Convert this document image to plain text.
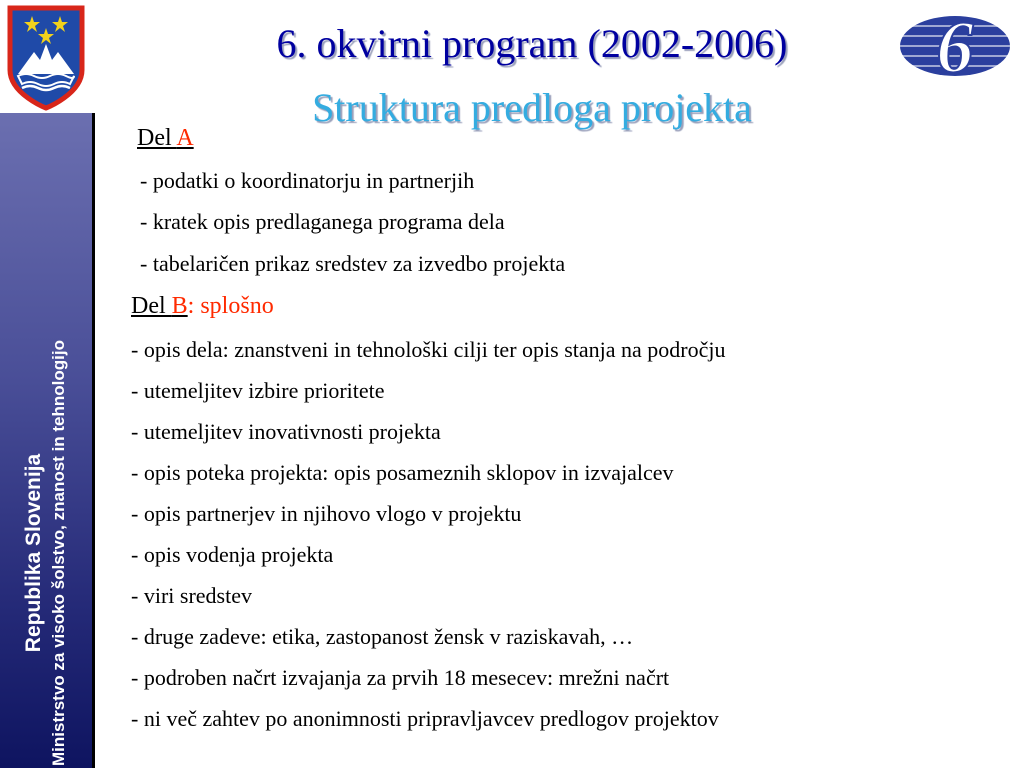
Republika Slovenija Ministrstvo za visoko šolstvo, znanost in tehnologijo
6
6. okvirni program (2002-2006)
Struktura predloga projekta
Del A
- podatki o koordinatorju in partnerjih
- kratek opis predlaganega programa dela
- tabelaričen prikaz sredstev za izvedbo projekta
Del B: splošno
- opis dela: znanstveni in tehnološki cilji ter opis stanja na področju
- utemeljitev izbire prioritete
- utemeljitev inovativnosti projekta
- opis poteka projekta: opis posameznih sklopov in izvajalcev
- opis partnerjev in njihovo vlogo v projektu
- opis vodenja projekta
- viri sredstev
- druge zadeve: etika, zastopanost žensk v raziskavah, …
- podroben načrt izvajanja za prvih 18 mesecev: mrežni načrt
- ni več zahtev po anonimnosti pripravljavcev predlogov projektov
